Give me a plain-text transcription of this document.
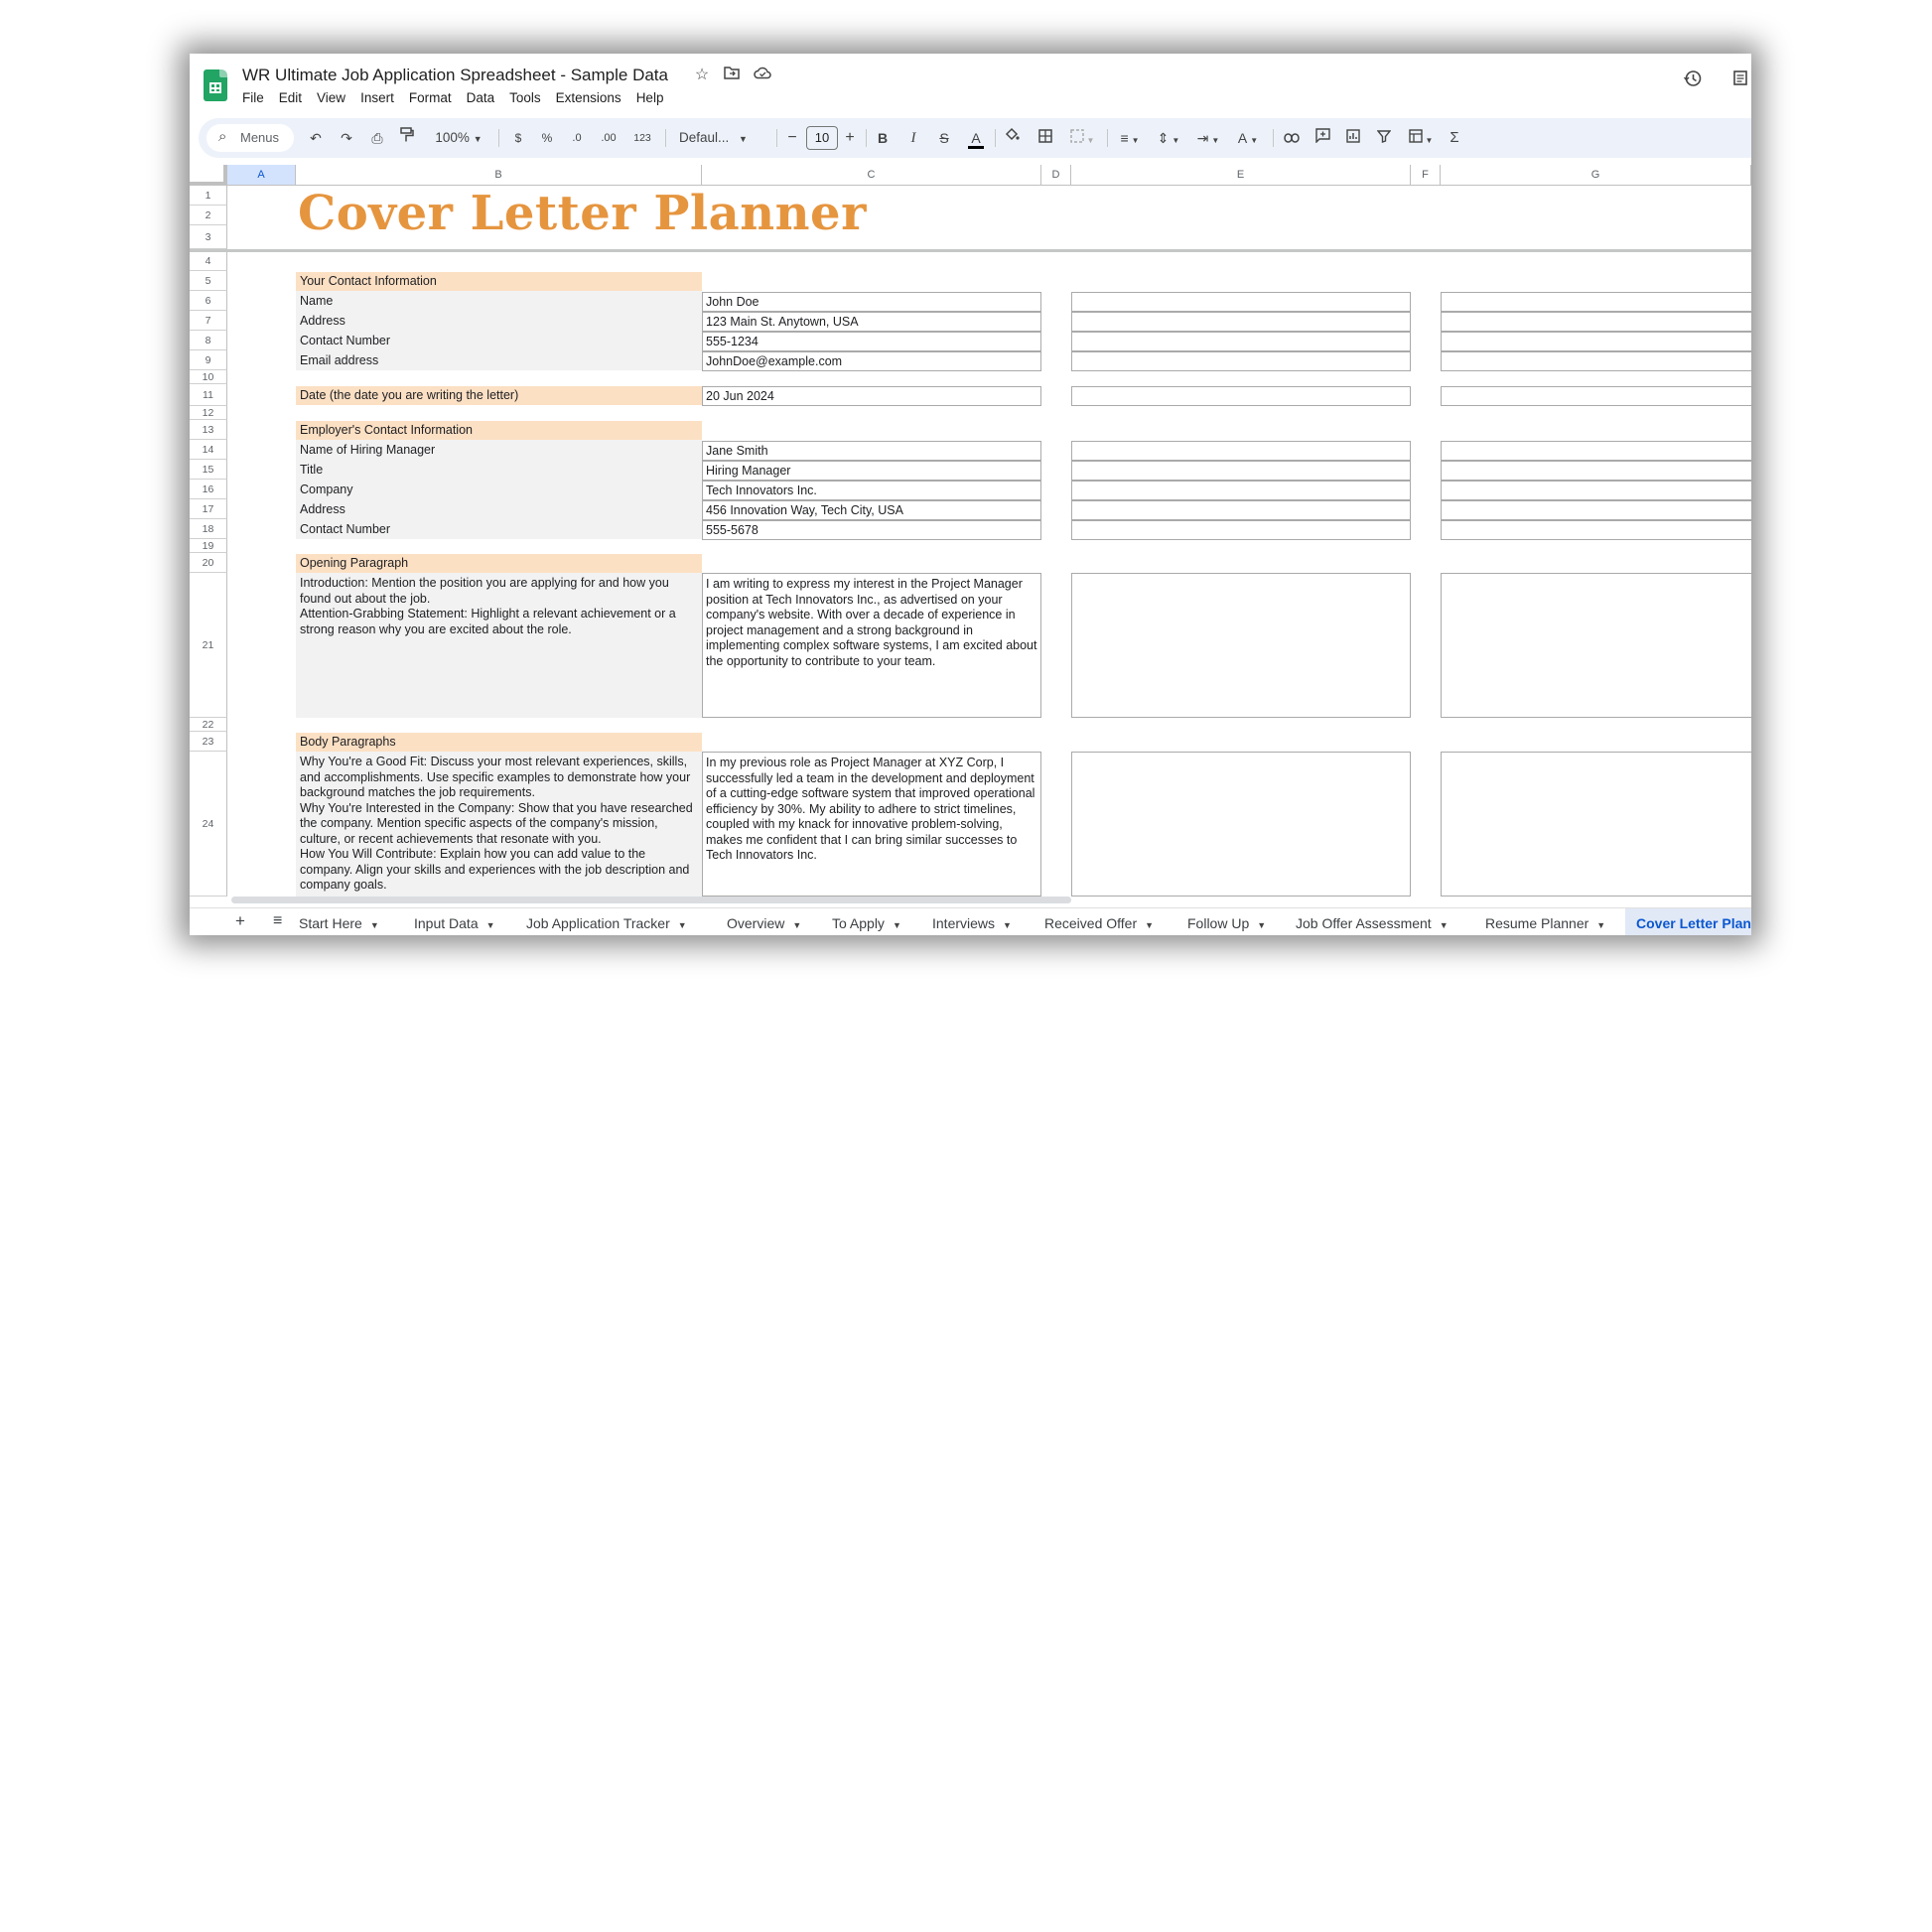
WR Ultimate Job Application Spreadsheet - Sample Data ☆
File Edit View Insert Format Data Tools Extensions Help
⌕ Menus ↶ ↷	⎙	100% ▼	$	%	.0	.00	123 Defaul... ▼	−	10	+ B	I	S	A	▼	≡ ▼	⇕ ▼	⇥ ▼	A ▼	▼	Σ
A	B	C	D	E	F	G
1
2
3
4
5
6
7
8
9
10
11
12
13
14
15
16
17
18
19
20
21
22
23
24
Cover Letter Planner
Your Contact Information
Name
Address
Contact Number
Email address
John Doe
123 Main St. Anytown, USA
555-1234
JohnDoe@example.com
Date (the date you are writing the letter)	20 Jun 2024
Employer's Contact Information
Name of Hiring Manager
Title
Company
Address
Contact Number
Jane Smith
Hiring Manager
Tech Innovators Inc.
456 Innovation Way, Tech City, USA
555-5678
Opening Paragraph
Introduction: Mention the position you are applying for and how you found out about the job.
Attention-Grabbing Statement: Highlight a relevant achievement or a strong reason why you are excited about the role.
I am writing to express my interest in the Project Manager position at Tech Innovators Inc., as advertised on your company's website. With over a decade of experience in project management and a strong background in implementing complex software systems, I am excited about the opportunity to contribute to your team.
Body Paragraphs
Why You're a Good Fit: Discuss your most relevant experiences, skills, and accomplishments. Use specific examples to demonstrate how your background matches the job requirements.
Why You're Interested in the Company: Show that you have researched the company. Mention specific aspects of the company's mission, culture, or recent achievements that resonate with you.
How You Will Contribute: Explain how you can add value to the company. Align your skills and experiences with the job description and company goals.
In my previous role as Project Manager at XYZ Corp, I successfully led a team in the development and deployment of a cutting-edge software system that improved operational efficiency by 30%. My ability to adhere to strict timelines, coupled with my knack for innovative problem-solving, makes me confident that I can bring similar successes to Tech Innovators Inc.
+ ≡ Start Here ▼	Input Data ▼ Job Application Tracker ▼	Overview ▼ To Apply ▼ Interviews ▼ Received Offer ▼ Follow Up ▼ Job Offer Assessment ▼	Resume Planner ▼ Cover Letter Plan
